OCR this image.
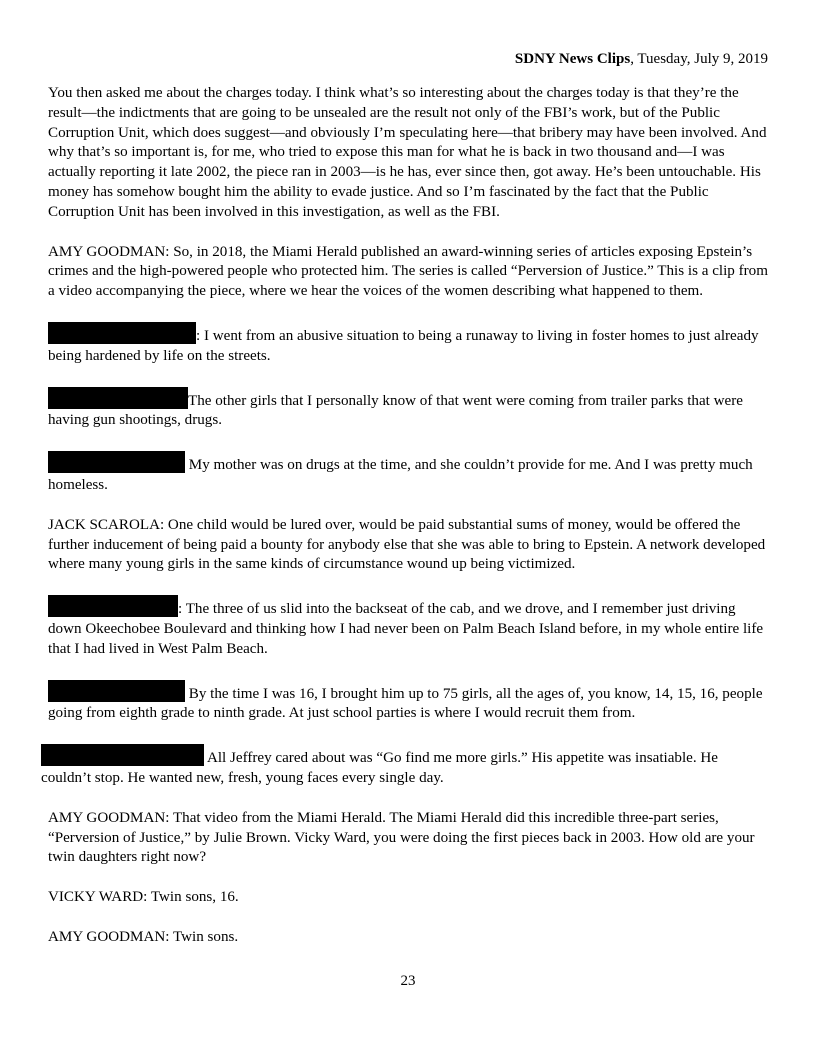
SDNY News Clips, Tuesday, July 9, 2019

You then asked me about the charges today. I think what’s so interesting about the charges today is that they’re the result—the indictments that are going to be unsealed are the result not only of the FBI’s work, but of the Public Corruption Unit, which does suggest—and obviously I’m speculating here—that bribery may have been involved. And why that’s so important is, for me, who tried to expose this man for what he is back in two thousand and—I was actually reporting it late 2002, the piece ran in 2003—is he has, ever since then, got away. He’s been untouchable. His money has somehow bought him the ability to evade justice. And so I’m fascinated by the fact that the Public Corruption Unit has been involved in this investigation, as well as the FBI.

AMY GOODMAN: So, in 2018, the Miami Herald published an award-winning series of articles exposing Epstein’s crimes and the high-powered people who protected him. The series is called “Perversion of Justice.” This is a clip from a video accompanying the piece, where we hear the voices of the women describing what happened to them.

: I went from an abusive situation to being a runaway to living in foster homes to just already being hardened by life on the streets.

The other girls that I personally know of that went were coming from trailer parks that were having gun shootings, drugs.

My mother was on drugs at the time, and she couldn’t provide for me. And I was pretty much homeless.

JACK SCAROLA: One child would be lured over, would be paid substantial sums of money, would be offered the further inducement of being paid a bounty for anybody else that she was able to bring to Epstein. A network developed where many young girls in the same kinds of circumstance wound up being victimized.

: The three of us slid into the backseat of the cab, and we drove, and I remember just driving down Okeechobee Boulevard and thinking how I had never been on Palm Beach Island before, in my whole entire life that I had lived in West Palm Beach.

By the time I was 16, I brought him up to 75 girls, all the ages of, you know, 14, 15, 16, people going from eighth grade to ninth grade. At just school parties is where I would recruit them from.

All Jeffrey cared about was “Go find me more girls.” His appetite was insatiable. He couldn’t stop. He wanted new, fresh, young faces every single day.

AMY GOODMAN: That video from the Miami Herald. The Miami Herald did this incredible three-part series, “Perversion of Justice,” by Julie Brown. Vicky Ward, you were doing the first pieces back in 2003. How old are your twin daughters right now?

VICKY WARD: Twin sons, 16.

AMY GOODMAN: Twin sons.

23
